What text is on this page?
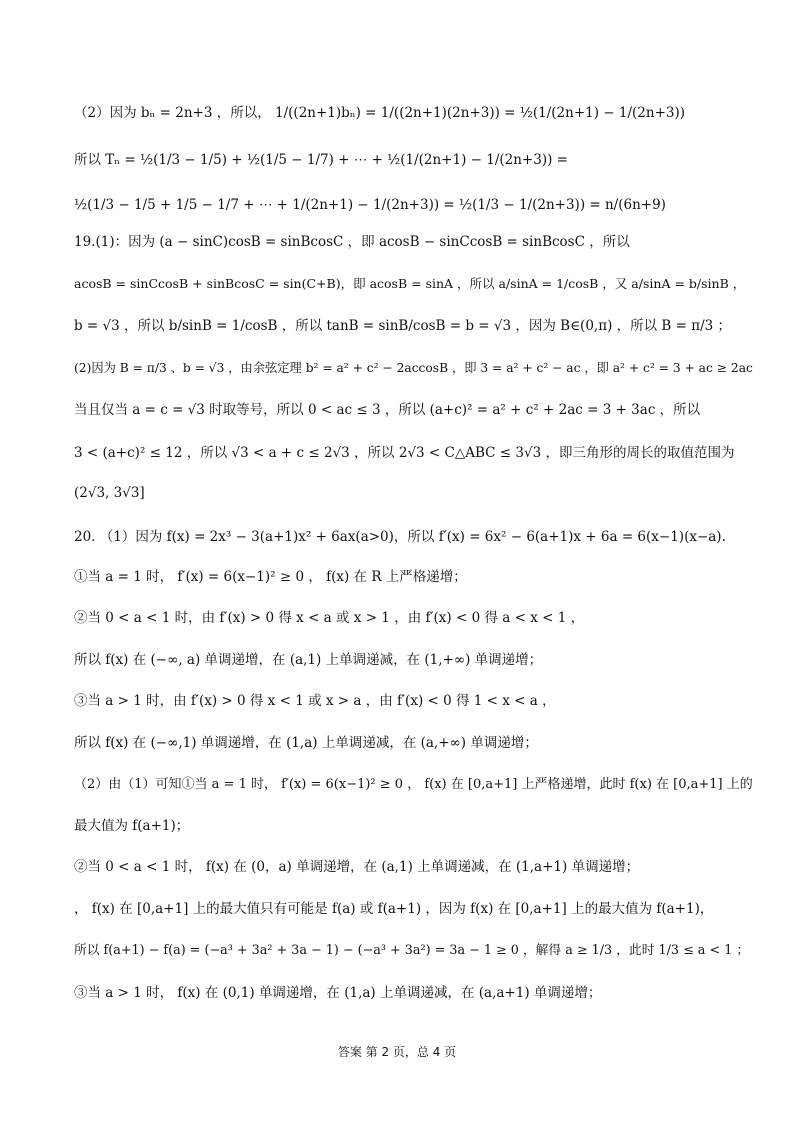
（2）因为 bₙ = 2n+3 ，所以， 1/((2n+1)bₙ) = 1/((2n+1)(2n+3)) = ½(1/(2n+1) − 1/(2n+3))
所以 Tₙ = ½(1/3 − 1/5) + ½(1/5 − 1/7) + ⋯ + ½(1/(2n+1) − 1/(2n+3)) =
½(1/3 − 1/5 + 1/5 − 1/7 + ⋯ + 1/(2n+1) − 1/(2n+3)) = ½(1/3 − 1/(2n+3)) = n/(6n+9)
19.(1)：因为 (a − sinC)cosB = sinBcosC ，即 acosB − sinCcosB = sinBcosC ，所以
acosB = sinCcosB + sinBcosC = sin(C+B)，即 acosB = sinA ，所以 a/sinA = 1/cosB ，又 a/sinA = b/sinB ，
b = √3 ，所以 b/sinB = 1/cosB ，所以 tanB = sinB/cosB = b = √3 ，因为 B∈(0,π) ，所以 B = π/3 ；
(2)因为 B = π/3 、b = √3 ，由余弦定理 b² = a² + c² − 2accosB ，即 3 = a² + c² − ac ，即 a² + c² = 3 + ac ≥ 2ac
当且仅当 a = c = √3 时取等号，所以 0 < ac ≤ 3 ，所以 (a+c)² = a² + c² + 2ac = 3 + 3ac ，所以
3 < (a+c)² ≤ 12 ，所以 √3 < a + c ≤ 2√3 ，所以 2√3 < C△ABC ≤ 3√3 ，即三角形的周长的取值范围为
(2√3, 3√3]
20. （1）因为 f(x) = 2x³ − 3(a+1)x² + 6ax(a>0)，所以 f′(x) = 6x² − 6(a+1)x + 6a = 6(x−1)(x−a).
①当 a = 1 时， f′(x) = 6(x−1)² ≥ 0 ， f(x) 在 R 上严格递增；
②当 0 < a < 1 时，由 f′(x) > 0 得 x < a 或 x > 1 ，由 f′(x) < 0 得 a < x < 1 ，
所以 f(x) 在 (−∞, a) 单调递增，在 (a,1) 上单调递减，在 (1,+∞) 单调递增；
③当 a > 1 时，由 f′(x) > 0 得 x < 1 或 x > a ，由 f′(x) < 0 得 1 < x < a ，
所以 f(x) 在 (−∞,1) 单调递增，在 (1,a) 上单调递减，在 (a,+∞) 单调递增；
（2）由（1）可知①当 a = 1 时， f′(x) = 6(x−1)² ≥ 0 ， f(x) 在 [0,a+1] 上严格递增，此时 f(x) 在 [0,a+1] 上的
最大值为 f(a+1)；
②当 0 < a < 1 时， f(x) 在 (0，a) 单调递增，在 (a,1) 上单调递减，在 (1,a+1) 单调递增；
， f(x) 在 [0,a+1] 上的最大值只有可能是 f(a) 或 f(a+1) ，因为 f(x) 在 [0,a+1] 上的最大值为 f(a+1)，
所以 f(a+1) − f(a) = (−a³ + 3a² + 3a − 1) − (−a³ + 3a²) = 3a − 1 ≥ 0 ，解得 a ≥ 1/3 ，此时 1/3 ≤ a < 1 ；
③当 a > 1 时， f(x) 在 (0,1) 单调递增，在 (1,a) 上单调递减，在 (a,a+1) 单调递增；
答案 第 2 页，总 4 页
